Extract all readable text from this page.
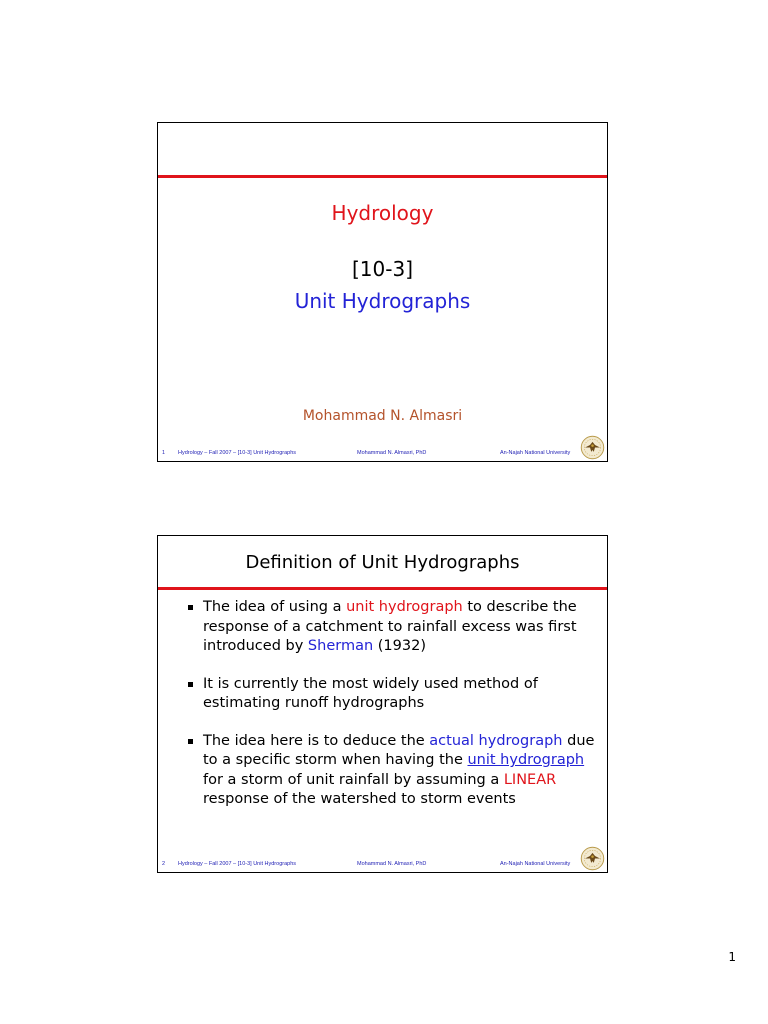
Hydrology
[10-3]
Unit Hydrographs
Mohammad N. Almasri
1 Hydrology – Fall 2007 – [10-3] Unit Hydrographs	Mohammad N. Almasri, PhD	An-Najah National University
Definition of Unit Hydrographs
The idea of using a unit hydrograph to describe the response of a catchment to rainfall excess was first introduced by Sherman (1932)
It is currently the most widely used method of estimating runoff hydrographs
The idea here is to deduce the actual hydrograph due to a specific storm when having the unit hydrograph for a storm of unit rainfall by assuming a LINEAR response of the watershed to storm events
2 Hydrology – Fall 2007 – [10-3] Unit Hydrographs	Mohammad N. Almasri, PhD	An-Najah National University
1
